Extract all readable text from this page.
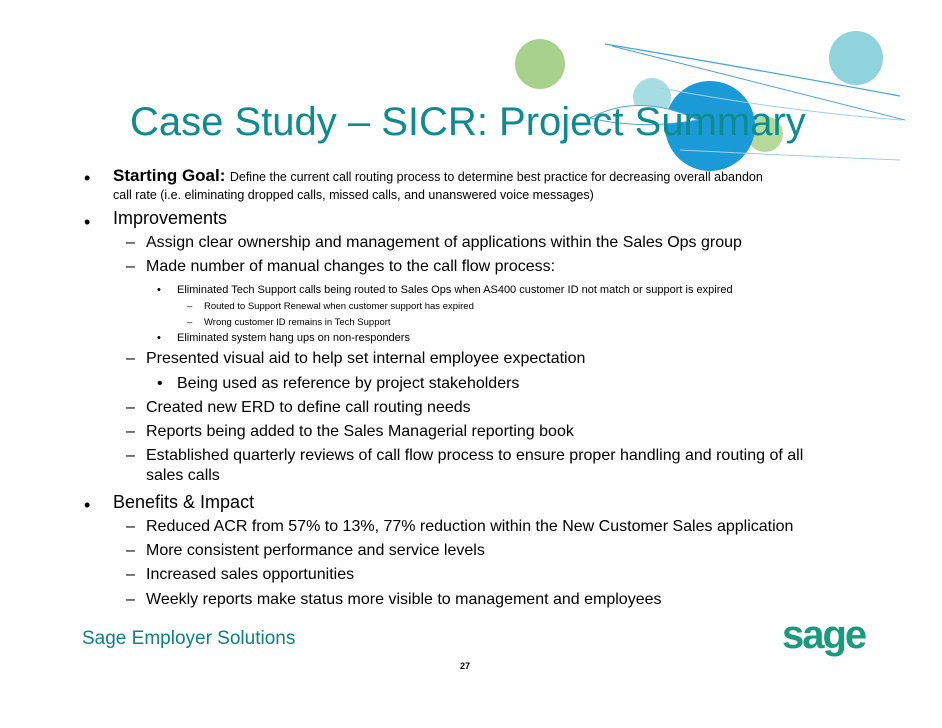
Case Study – SICR: Project Summary
• Starting Goal: Define the current call routing process to determine best practice for decreasing overall abandon
call rate (i.e. eliminating dropped calls, missed calls, and unanswered voice messages)
• Improvements
– Assign clear ownership and management of applications within the Sales Ops group
– Made number of manual changes to the call flow process:
• Eliminated Tech Support calls being routed to Sales Ops when AS400 customer ID not match or support is expired
– Routed to Support Renewal when customer support has expired
– Wrong customer ID remains in Tech Support
• Eliminated system hang ups on non-responders
– Presented visual aid to help set internal employee expectation
• Being used as reference by project stakeholders
– Created new ERD to define call routing needs
– Reports being added to the Sales Managerial reporting book
– Established quarterly reviews of call flow process to ensure proper handling and routing of all
sales calls
• Benefits & Impact
– Reduced ACR from 57% to 13%, 77% reduction within the New Customer Sales application
– More consistent performance and service levels
– Increased sales opportunities
– Weekly reports make status more visible to management and employees
Sage Employer Solutions	sage
27
